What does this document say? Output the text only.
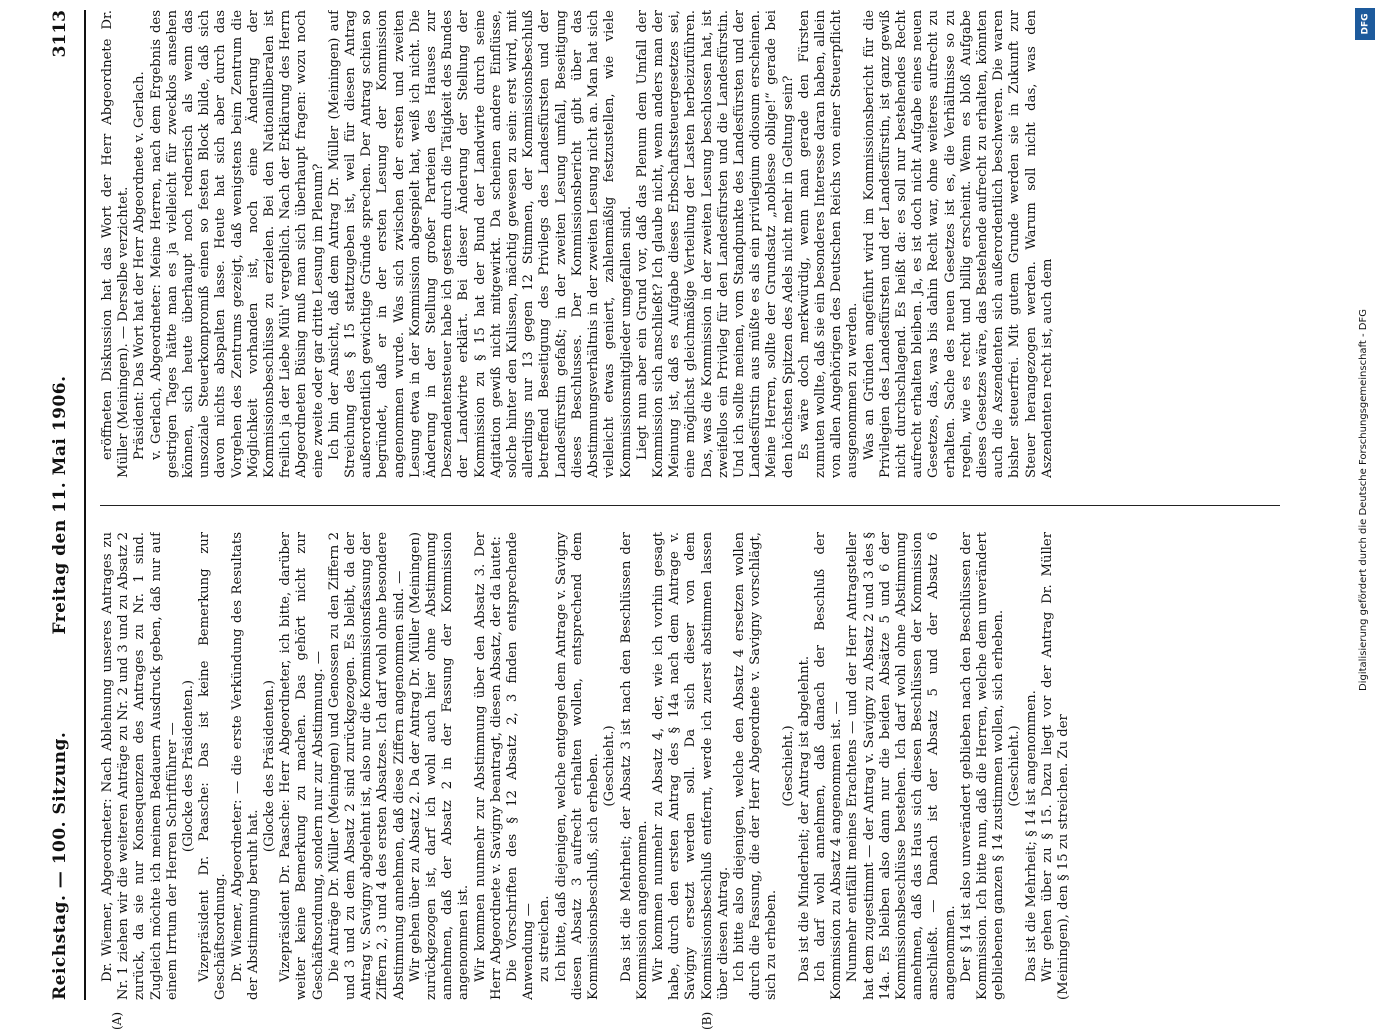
Reichstag. — 100. Sitzung.
Freitag den 11. Mai 1906.
3113
(A)	(B)

Dr. Wiemer, Abgeordneter: Nach Ablehnung unseres Antrages zu Nr. 1 ziehen wir die weiteren Anträge zu Nr. 2 und 3 und zu Absatz 2 zurück, da sie nur Konsequenzen des Antrages zu Nr. 1 sind. Zugleich möchte ich meinem Bedauern Ausdruck geben, daß nur auf einem Irrtum der Herren Schriftführer — (Glocke des Präsidenten.) Vizepräsident Dr. Paasche: Das ist keine Bemerkung zur Geschäftsordnung. Dr. Wiemer, Abgeordneter: — die erste Verkündung des Resultats der Abstimmung beruht hat.

(Glocke des Präsidenten.) Vizepräsident Dr. Paasche: Herr Abgeordneter, ich bitte, darüber weiter keine Bemerkung zu machen. Das gehört nicht zur Geschäftsordnung, sondern nur zur Abstimmung. — Die Anträge Dr. Müller (Meiningen) und Genossen zu den Ziffern 2 und 3 und zu dem Absatz 2 sind zurückgezogen. Es bleibt, da der Antrag v. Savigny abgelehnt ist, also nur die Kommissionsfassung der Ziffern 2, 3 und 4 des ersten Absatzes. Ich darf wohl ohne besondere Abstimmung annehmen, daß diese Ziffern angenommen sind. — Wir gehen über zu Absatz 2. Da der Antrag Dr. Müller (Meiningen) zurückgezogen ist, darf ich wohl auch hier ohne Abstimmung annehmen, daß der Absatz 2 in der Fassung der Kommission angenommen ist. Wir kommen nunmehr zur Abstimmung über den Absatz 3. Der Herr Abgeordnete v. Savigny beantragt, diesen Absatz, der da lautet: Die Vorschriften des § 12 Absatz 2, 3 finden entsprechende Anwendung — zu streichen. Ich bitte, daß diejenigen, welche entgegen dem Antrage v. Savigny diesen Absatz 3 aufrecht erhalten wollen, entsprechend dem Kommissionsbeschluß, sich erheben. (Geschieht.) Das ist die Mehrheit; der Absatz 3 ist nach den Beschlüssen der Kommission angenommen. Wir kommen nunmehr zu Absatz 4, der, wie ich vorhin gesagt habe, durch den ersten Antrag des § 14a nach dem Antrage v. Savigny ersetzt werden soll. Da sich dieser von dem Kommissionsbeschluß entfernt, werde ich zuerst abstimmen lassen über diesen Antrag. Ich bitte also diejenigen, welche den Absatz 4 ersetzen wollen durch die Fassung, die der Herr Abgeordnete v. Savigny vorschlägt, sich zu erheben.

(Geschieht.) Das ist die Minderheit; der Antrag ist abgelehnt. Ich darf wohl annehmen, daß danach der Beschluß der Kommission zu Absatz 4 angenommen ist. — Nunmehr entfällt meines Erachtens — und der Herr Antragsteller hat dem zugestimmt — der Antrag v. Savigny zu Absatz 2 und 3 des § 14a. Es bleiben also dann nur die beiden Absätze 5 und 6 der Kommissionsbeschlüsse bestehen. Ich darf wohl ohne Abstimmung annehmen, daß das Haus sich diesen Beschlüssen der Kommission anschließt. — Danach ist der Absatz 5 und der Absatz 6 angenommen. Der § 14 ist also unverändert geblieben nach den Beschlüssen der Kommission. Ich bitte nun, daß die Herren, welche dem unverändert gebliebenen ganzen § 14 zustimmen wollen, sich erheben. (Geschieht.) Das ist die Mehrheit; § 14 ist angenommen. Wir gehen über zu § 15. Dazu liegt vor der Antrag Dr. Müller (Meiningen), den § 15 zu streichen. Zu der

eröffneten Diskussion hat das Wort der Herr Abgeordnete Dr. Müller (Meiningen). — Derselbe verzichtet. Präsident: Das Wort hat der Herr Abgeordnete v. Gerlach. v. Gerlach, Abgeordneter: Meine Herren, nach dem Ergebnis des gestrigen Tages hätte man es ja vielleicht für zwecklos ansehen können, sich heute überhaupt noch rednerisch als wenn das unsoziale Steuerkompromiß einen so festen Block bilde, daß sich davon nichts abspalten lasse. Heute hat sich aber durch das Vorgehen des Zentrums gezeigt, daß wenigstens beim Zentrum die Möglichkeit vorhanden ist, noch eine Änderung der Kommissionsbeschlüsse zu erzielen. Bei den Nationalliberalen ist freilich ja der Liebe Müh' vergeblich. Nach der Erklärung des Herrn Abgeordneten Büsing muß man sich überhaupt fragen: wozu noch eine zweite oder gar dritte Lesung im Plenum? Ich bin der Ansicht, daß dem Antrag Dr. Müller (Meiningen) auf Streichung des § 15 stattzugeben ist, weil für diesen Antrag außerordentlich gewichtige Gründe sprechen. Der Antrag schien so begründet, daß er in der ersten Lesung der Kommission angenommen wurde. Was sich zwischen der ersten und zweiten Lesung etwa in der Kommission abgespielt hat, weiß ich nicht. Die Änderung in der Stellung großer Parteien des Hauses zur Deszendentensteuer habe ich gestern durch die Tätigkeit des Bundes der Landwirte erklärt. Bei dieser Änderung der Stellung der Kommission zu § 15 hat der Bund der Landwirte durch seine Agitation gewiß nicht mitgewirkt. Da scheinen andere Einflüsse, solche hinter den Kulissen, mächtig gewesen zu sein: erst wird, mit allerdings nur 13 gegen 12 Stimmen, der Kommissionsbeschluß betreffend Beseitigung des Privilegs des Landesfürsten und der Landesfürstin gefaßt; in der zweiten Lesung umfall, Beseitigung dieses Beschlusses. Der Kommissionsbericht gibt über das Abstimmungsverhältnis in der zweiten Lesung nicht an. Man hat sich vielleicht etwas geniert, zahlenmäßig festzustellen, wie viele Kommissionsmitglieder umgefallen sind. Liegt nun aber ein Grund vor, daß das Plenum dem Umfall der Kommission sich anschließt? Ich glaube nicht, wenn anders man der Meinung ist, daß es Aufgabe dieses Erbschaftssteuergesetzes sei, eine möglichst gleichmäßige Verteilung der Lasten herbeizuführen. Das, was die Kommission in der zweiten Lesung beschlossen hat, ist zweifellos ein Privileg für den Landesfürsten und die Landesfürstin. Und ich sollte meinen, vom Standpunkte des Landesfürsten und der Landesfürstin aus müßte es als ein privilegium odiosum erscheinen. Meine Herren, sollte der Grundsatz „noblesse oblige!“ gerade bei den höchsten Spitzen des Adels nicht mehr in Geltung sein? Es wäre doch merkwürdig, wenn man gerade den Fürsten zumuten wollte, daß sie ein besonderes Interesse daran haben, allein von allen Angehörigen des Deutschen Reichs von einer Steuerpflicht ausgenommen zu werden. Was an Gründen angeführt wird im Kommissionsbericht für die Privilegien des Landesfürsten und der Landesfürstin, ist ganz gewiß nicht durchschlagend. Es heißt da: es soll nur bestehendes Recht aufrecht erhalten bleiben. Ja, es ist doch nicht Aufgabe eines neuen Gesetzes, das, was bis dahin Recht war, ohne weiteres aufrecht zu erhalten. Sache des neuen Gesetzes ist es, die Verhältnisse so zu regeln, wie es recht und billig erscheint. Wenn es bloß Aufgabe dieses Gesetzes wäre, das Bestehende aufrecht zu erhalten, könnten auch die Aszendenten sich außerordentlich beschweren. Die waren bisher steuerfrei. Mit gutem Grunde werden sie in Zukunft zur Steuer herangezogen werden. Warum soll nicht das, was den Aszendenten recht ist, auch dem	Digitalisierung gefördert durch die Deutsche Forschungsgemeinschaft - DFG
DFG
